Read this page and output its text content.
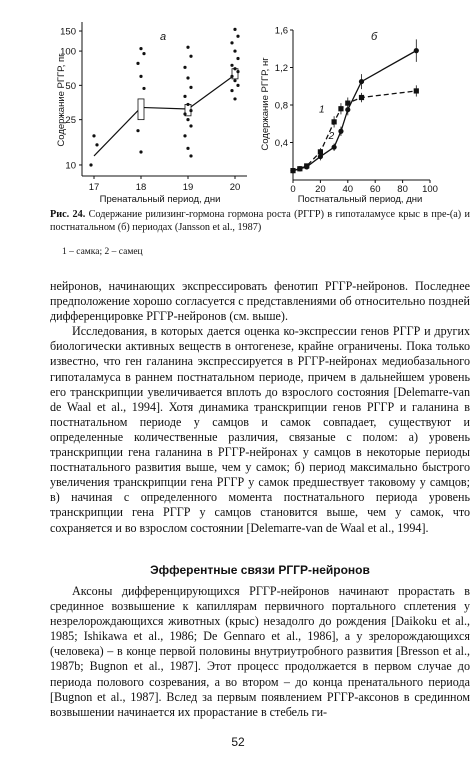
а
Пренатальный период, дни
Содержание РГГР, пг
17	18	19	20
10
25
50
100
150	б
Постнатальный период, дни
Содержание РГГР, нг
0 20 40 60 80 100
0,4
0,8
1,2
1,6
1
2
Рис. 24. Содержание рилизинг-гормона гормона роста (РГГР) в гипоталамусе крыс в пре-(а) и постнатальном (б) периодах (Jansson et al., 1987)
1 – самка; 2 – самец

нейронов, начинающих экспрессировать фенотип РГГР-нейронов. Последнее предположение хорошо согласуется с представлениями об относительно поздней дифференцировке РГГР-нейронов (см. выше).

Исследования, в которых дается оценка ко-экспрессии генов РГГР и других биологически активных веществ в онтогенезе, крайне ограничены. Пока только известно, что ген галанина экспрессируется в РГГР-нейронах медиобазального гипоталамуса в раннем постнатальном периоде, причем в дальнейшем уровень его транскрипции увеличивается вплоть до взрослого состояния [Delemarre-van de Waal et al., 1994]. Хотя динамика транскрипции генов РГГР и галанина в постнатальном периоде у самцов и самок совпадает, существуют и определенные количественные различия, связаные с полом: а) уровень транскрипции гена галанина в РГГР-нейронах у самцов в некоторые периоды постнатального развития выше, чем у самок; б) период максимально быстрого увеличения транскрипции гена РГГР у самок предшествует таковому у самцов; в) начиная с определенного момента постнатального периода уровень транскрипции гена РГГР у самцов становится выше, чем у самок, что сохраняется и во взрослом состоянии [Delemarre-van de Waal et al., 1994].

Эфферентные связи РГГР-нейронов

Аксоны дифференцирующихся РГГР-нейронов начинают прорастать в срединное возвышение к капиллярам первичного портального сплетения у незрелорождающихся животных (крыс) незадолго до рождения [Daikoku et al., 1985; Ishikawa et al., 1986; De Gennaro et al., 1986], а у зрелорождающихся (человека) – в конце первой половины внутриутробного развития [Bresson et al., 1987b; Bugnon et al., 1987]. Этот процесс продолжается в первом случае до периода полового созревания, а во втором – до конца пренатального периода [Bugnon et al., 1987]. Вслед за первым появлением РГГР-аксонов в срединном возвышении начинается их прорастание в стебель ги-

52
